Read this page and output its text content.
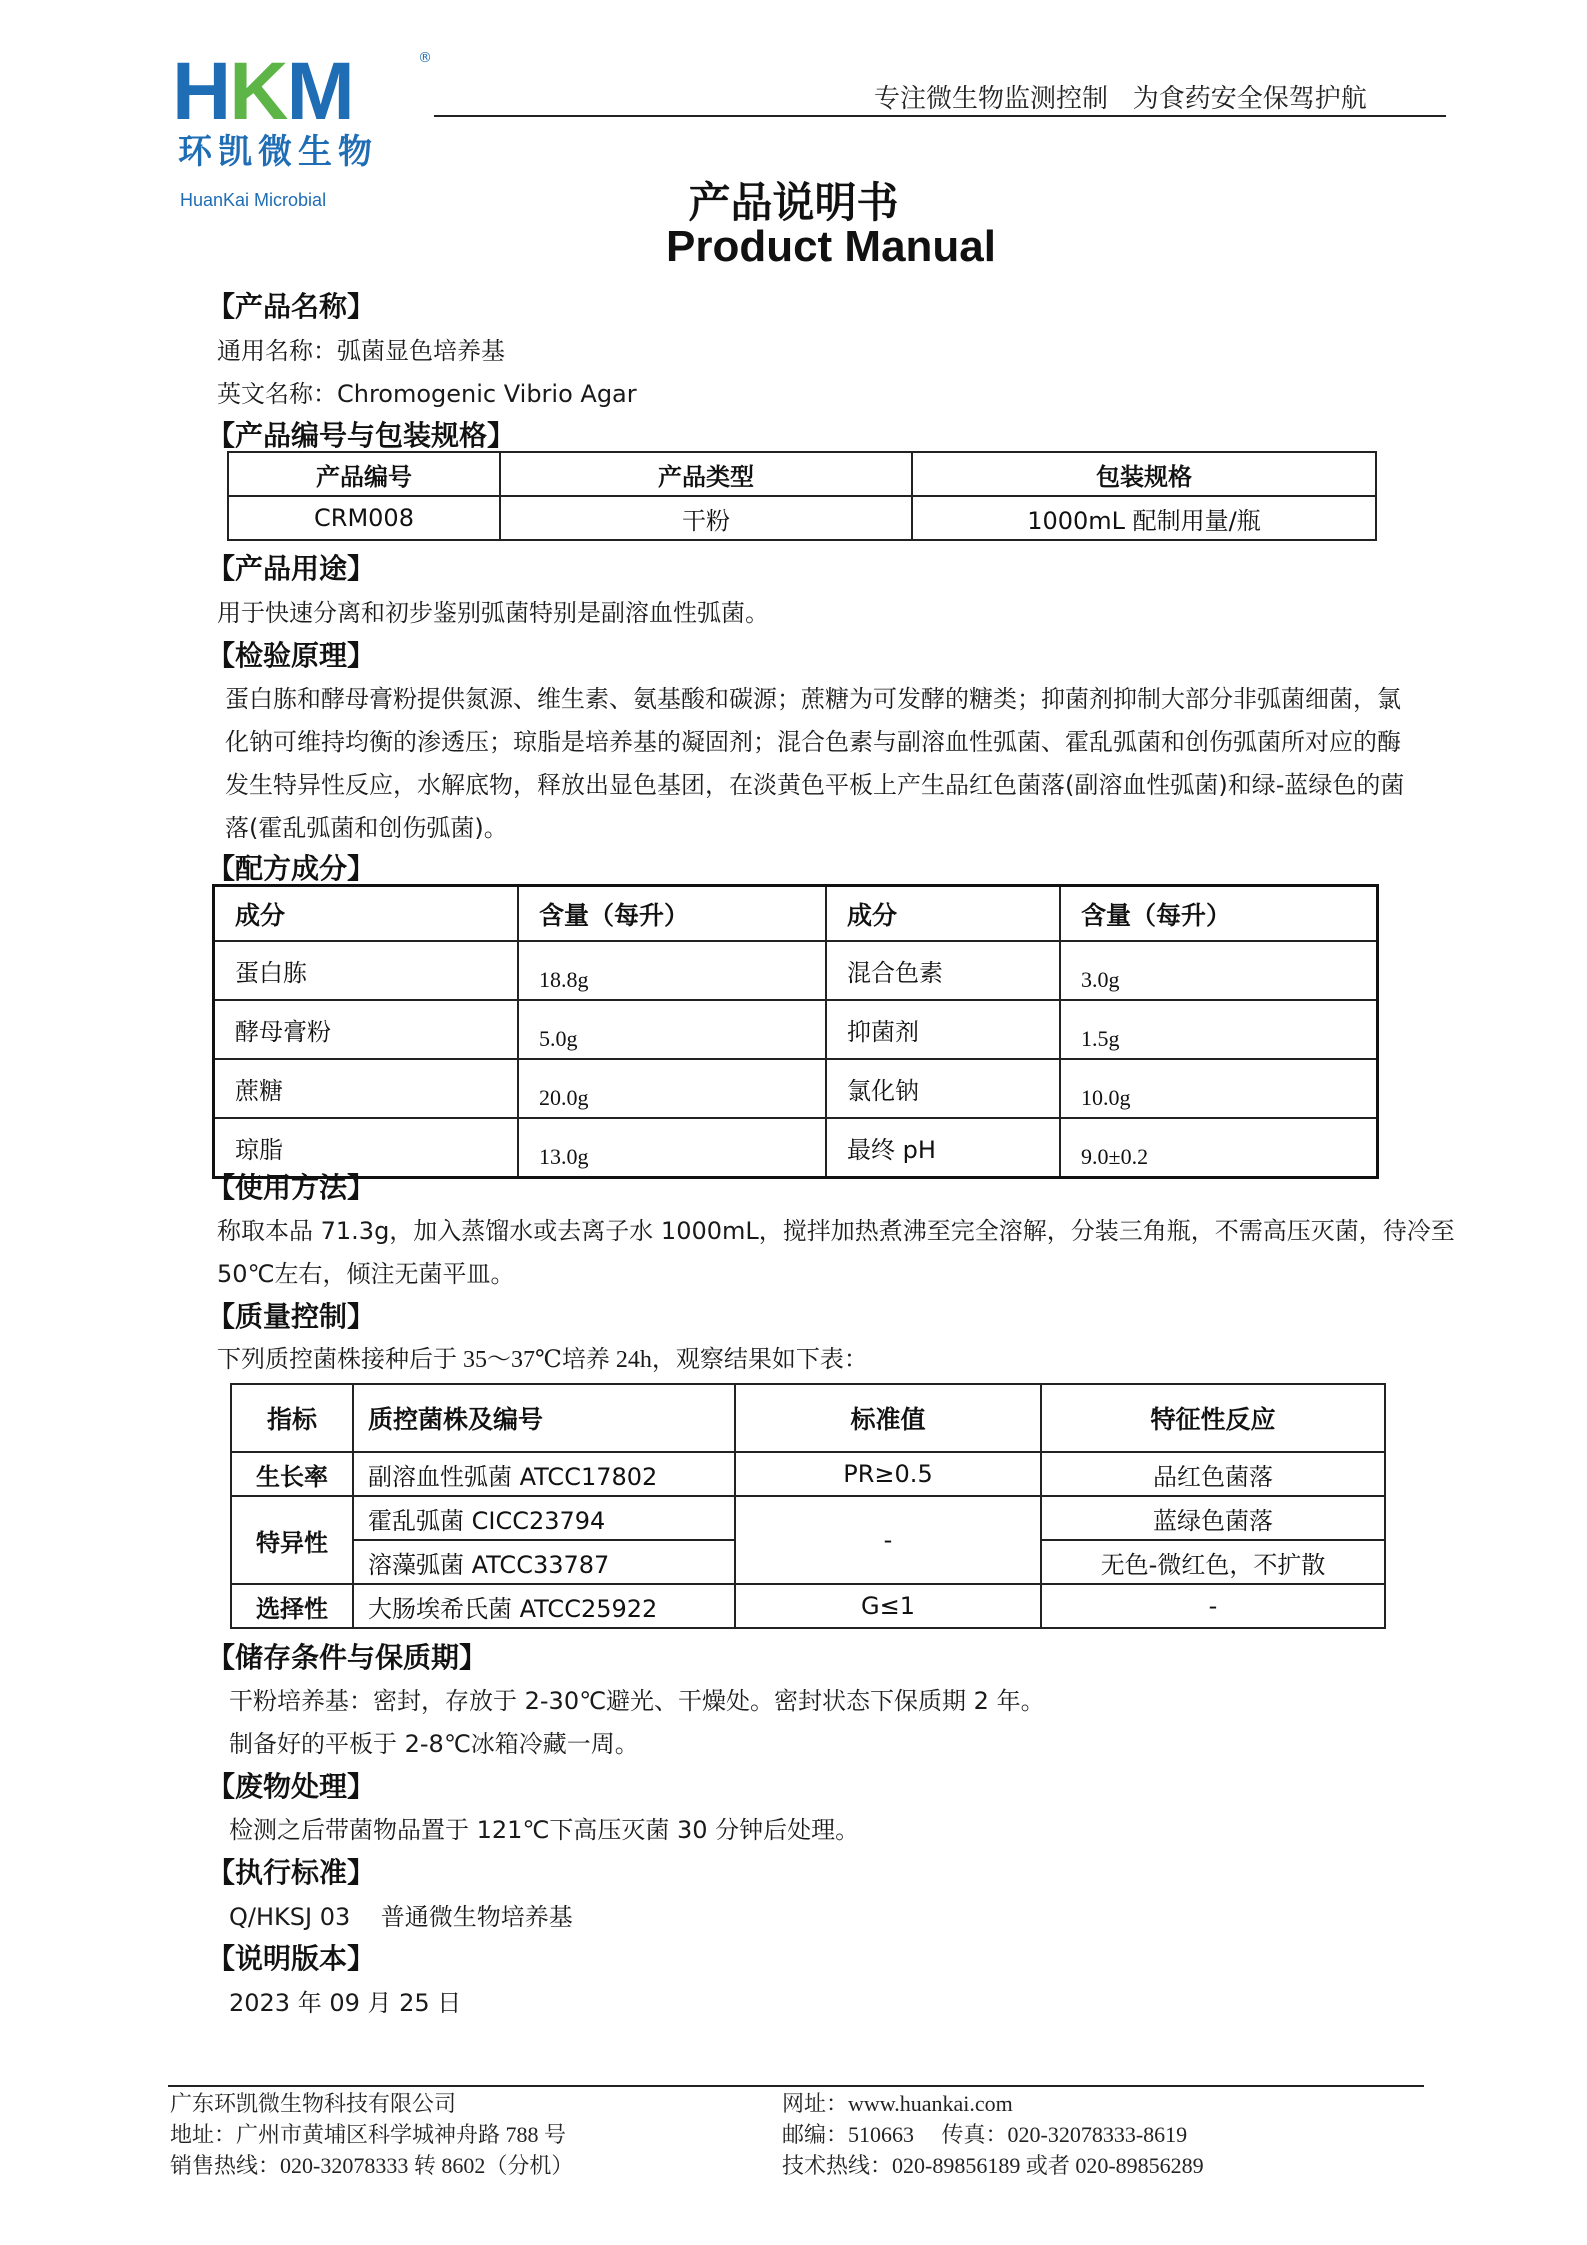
HKM	®
环凯微生物
HuanKai Microbial
专注微生物监测控制   为食药安全保驾护航
产品说明书
Product Manual
【产品名称】
通用名称：弧菌显色培养基
英文名称：Chromogenic Vibrio Agar
【产品编号与包装规格】
产品编号	产品类型	包装规格
CRM008	干粉	1000mL 配制用量/瓶
【产品用途】
用于快速分离和初步鉴别弧菌特别是副溶血性弧菌。
【检验原理】
蛋白胨和酵母膏粉提供氮源、维生素、氨基酸和碳源；蔗糖为可发酵的糖类；抑菌剂抑制大部分非弧菌细菌，氯
化钠可维持均衡的渗透压；琼脂是培养基的凝固剂；混合色素与副溶血性弧菌、霍乱弧菌和创伤弧菌所对应的酶
发生特异性反应，水解底物，释放出显色基团，在淡黄色平板上产生品红色菌落(副溶血性弧菌)和绿-蓝绿色的菌
落(霍乱弧菌和创伤弧菌)。
【配方成分】
成分	含量（每升）	成分	含量（每升）
蛋白胨	18.8g	混合色素	3.0g
酵母膏粉	5.0g	抑菌剂	1.5g
蔗糖	20.0g	氯化钠	10.0g
琼脂	13.0g	最终 pH	9.0±0.2
【使用方法】
称取本品 71.3g，加入蒸馏水或去离子水 1000mL，搅拌加热煮沸至完全溶解，分装三角瓶，不需高压灭菌，待冷至
50℃左右，倾注无菌平皿。
【质量控制】
下列质控菌株接种后于 35～37℃培养 24h，观察结果如下表：
指标	质控菌株及编号	标准值	特征性反应
生长率	副溶血性弧菌 ATCC17802	PR≥0.5	品红色菌落
特异性	霍乱弧菌 CICC23794	-	蓝绿色菌落
	溶藻弧菌 ATCC33787		无色-微红色，不扩散
选择性	大肠埃希氏菌 ATCC25922	G≤1	-
【储存条件与保质期】
干粉培养基：密封，存放于 2-30℃避光、干燥处。密封状态下保质期 2 年。
制备好的平板于 2-8℃冰箱冷藏一周。
【废物处理】
检测之后带菌物品置于 121℃下高压灭菌 30 分钟后处理。
【执行标准】
Q/HKSJ 03    普通微生物培养基
【说明版本】
2023 年 09 月 25 日
广东环凯微生物科技有限公司
地址：广州市黄埔区科学城神舟路 788 号
销售热线：020-32078333 转 8602（分机）
网址：www.huankai.com
邮编：510663     传真：020-32078333-8619
技术热线：020-89856189 或者 020-89856289
